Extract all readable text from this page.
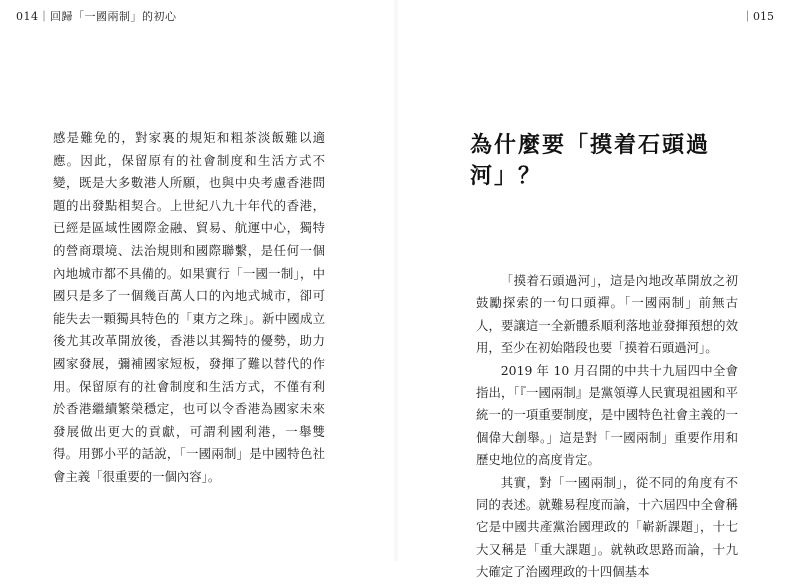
014｜回歸「一國兩制」的初心	｜015

感是難免的，對家裏的規矩和粗茶淡飯難以適應。因此，保留原有的社會制度和生活方式不變，既是大多數港人所願，也與中央考慮香港問題的出發點相契合。上世紀八九十年代的香港，已經是區域性國際金融、貿易、航運中心，獨特的營商環境、法治規則和國際聯繫，是任何一個內地城市都不具備的。如果實行「一國一制」，中國只是多了一個幾百萬人口的內地式城市，卻可能失去一顆獨具特色的「東方之珠」。新中國成立後尤其改革開放後，香港以其獨特的優勢，助力國家發展，彌補國家短板，發揮了難以替代的作用。保留原有的社會制度和生活方式，不僅有利於香港繼續繁榮穩定，也可以令香港為國家未來發展做出更大的貢獻，可謂利國利港，一舉雙得。用鄧小平的話說，「一國兩制」是中國特色社會主義「很重要的一個內容」。

為什麼要「摸着石頭過河」？

「摸着石頭過河」，這是內地改革開放之初鼓勵探索的一句口頭禪。「一國兩制」前無古人，要讓這一全新體系順利落地並發揮預想的效用，至少在初始階段也要「摸着石頭過河」。

2019 年 10 月召開的中共十九屆四中全會指出，「『一國兩制』是黨領導人民實現祖國和平統一的一項重要制度，是中國特色社會主義的一個偉大創舉。」這是對「一國兩制」重要作用和歷史地位的高度肯定。

其實，對「一國兩制」，從不同的角度有不同的表述。就難易程度而論，十六屆四中全會稱它是中國共產黨治國理政的「嶄新課題」，十七大又稱是「重大課題」。就執政思路而論，十九大確定了治國理政的十四個基本
